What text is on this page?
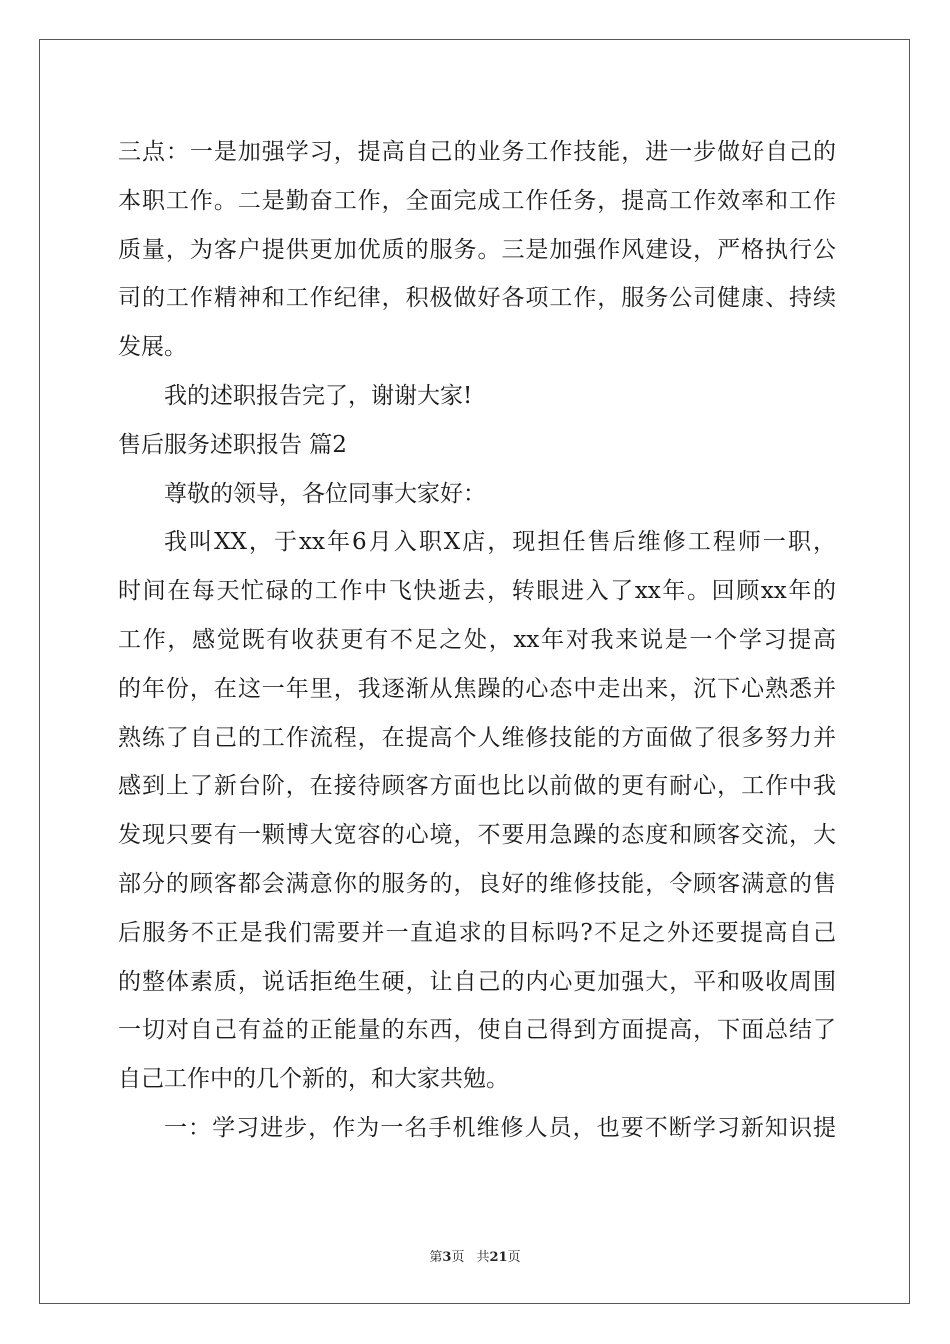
三点：一是加强学习，提高自己的业务工作技能，进一步做好自己的
本职工作。二是勤奋工作，全面完成工作任务，提高工作效率和工作
质量，为客户提供更加优质的服务。三是加强作风建设，严格执行公
司的工作精神和工作纪律，积极做好各项工作，服务公司健康、持续
发展。
我的述职报告完了，谢谢大家!
售后服务述职报告 篇2
尊敬的领导，各位同事大家好：
我叫XX，于xx年6月入职X店，现担任售后维修工程师一职，
时间在每天忙碌的工作中飞快逝去，转眼进入了xx年。回顾xx年的
工作，感觉既有收获更有不足之处，xx年对我来说是一个学习提高
的年份，在这一年里，我逐渐从焦躁的心态中走出来，沉下心熟悉并
熟练了自己的工作流程，在提高个人维修技能的方面做了很多努力并
感到上了新台阶，在接待顾客方面也比以前做的更有耐心，工作中我
发现只要有一颗博大宽容的心境，不要用急躁的态度和顾客交流，大
部分的顾客都会满意你的服务的，良好的维修技能，令顾客满意的售
后服务不正是我们需要并一直追求的目标吗?不足之外还要提高自己
的整体素质，说话拒绝生硬，让自己的内心更加强大，平和吸收周围
一切对自己有益的正能量的东西，使自己得到方面提高，下面总结了
自己工作中的几个新的，和大家共勉。
一：学习进步，作为一名手机维修人员，也要不断学习新知识提
第3页 共21页
